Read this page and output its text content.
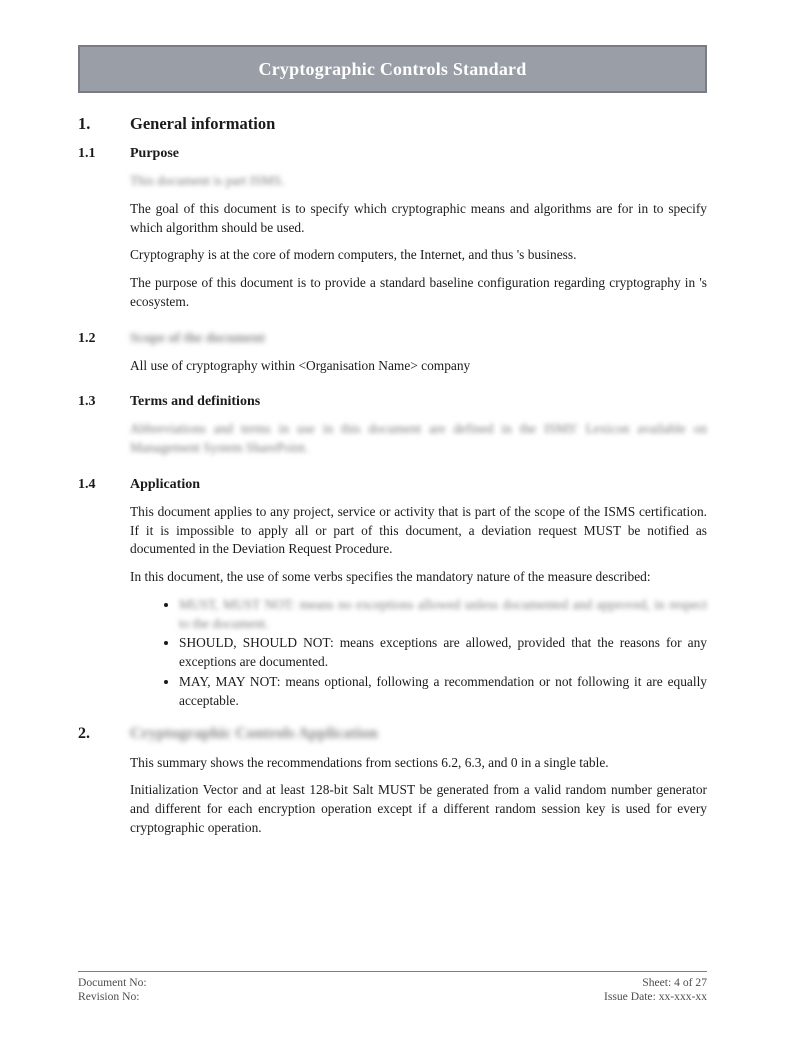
Cryptographic Controls Standard
1.	General information
1.1	Purpose

This document is part ISMS.

The goal of this document is to specify which cryptographic means and algorithms are for in to specify which algorithm should be used.

Cryptography is at the core of modern computers, the Internet, and thus 's business.

The purpose of this document is to provide a standard baseline configuration regarding cryptography in 's ecosystem.

1.2	Scope of the document

All use of cryptography within <Organisation Name> company

1.3	Terms and definitions

Abbreviations and terms in use in this document are defined in the ISMS' Lexicon available on Management System SharePoint.

1.4	Application

This document applies to any project, service or activity that is part of the scope of the ISMS certification. If it is impossible to apply all or part of this document, a deviation request MUST be notified as documented in the Deviation Request Procedure.

In this document, the use of some verbs specifies the mandatory nature of the measure described:

• MUST, MUST NOT: means no exceptions allowed unless documented and approved, in respect to the document.
• SHOULD, SHOULD NOT: means exceptions are allowed, provided that the reasons for any exceptions are documented.
• MAY, MAY NOT: means optional, following a recommendation or not following it are equally acceptable.
2.	Cryptographic Controls Application

This summary shows the recommendations from sections 6.2, 6.3, and 0 in a single table.

Initialization Vector and at least 128-bit Salt MUST be generated from a valid random number generator and different for each encryption operation except if a different random session key is used for every cryptographic operation.

Document No:
Revision No:
Sheet: 4 of 27
Issue Date: xx-xxx-xx
